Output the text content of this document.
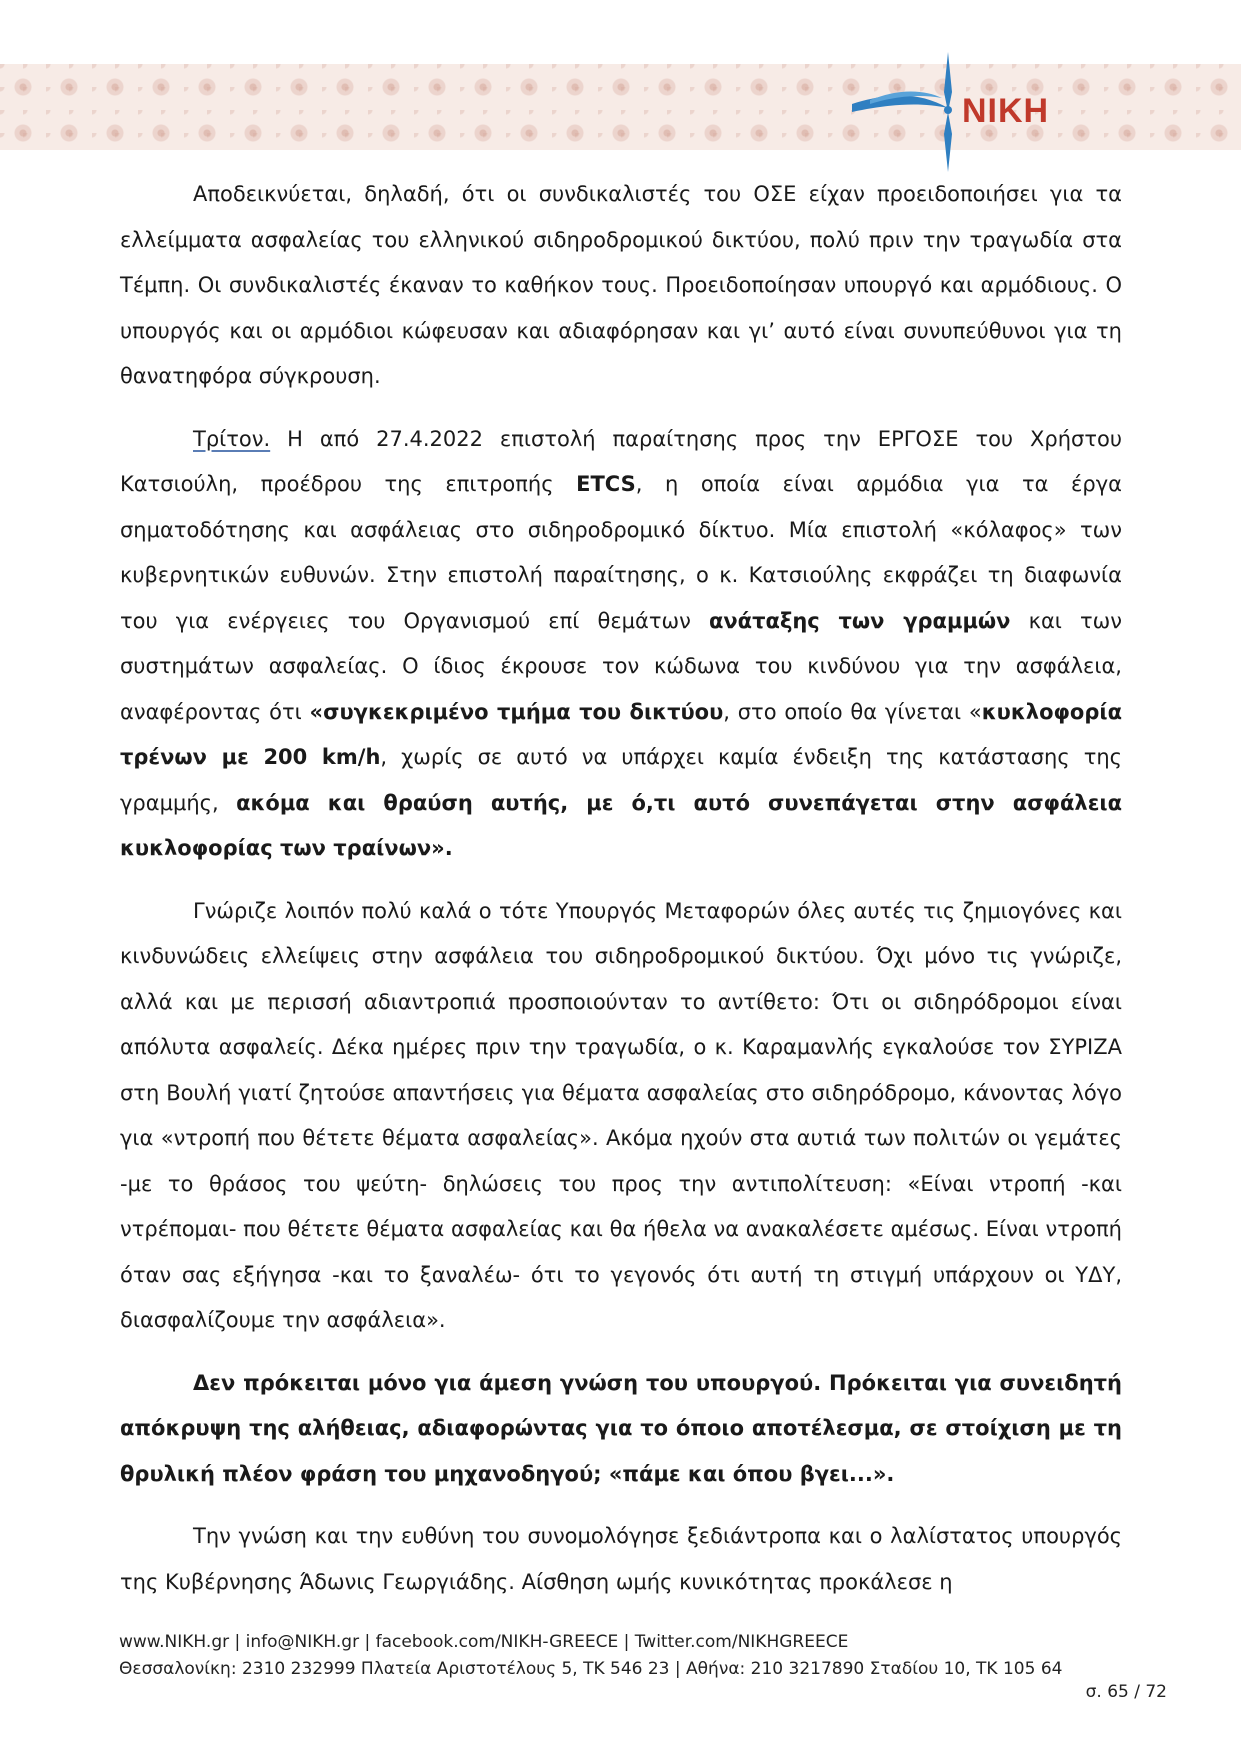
NIKH

Αποδεικνύεται, δηλαδή, ότι οι συνδικαλιστές του ΟΣΕ είχαν προειδοποιήσει για τα ελλείμματα ασφαλείας του ελληνικού σιδηροδρομικού δικτύου, πολύ πριν την τραγωδία στα Τέμπη. Οι συνδικαλιστές έκαναν το καθήκον τους. Προειδοποίησαν υπουργό και αρμόδιους. Ο υπουργός και οι αρμόδιοι κώφευσαν και αδιαφόρησαν και γι’ αυτό είναι συνυπεύθυνοι για τη θανατηφόρα σύγκρουση.

Τρίτον. Η από 27.4.2022 επιστολή παραίτησης προς την ΕΡΓΟΣΕ του Χρήστου Κατσιούλη, προέδρου της επιτροπής ETCS, η οποία είναι αρμόδια για τα έργα σηματοδότησης και ασφάλειας στο σιδηροδρομικό δίκτυο. Μία επιστολή «κόλαφος» των κυβερνητικών ευθυνών. Στην επιστολή παραίτησης, ο κ. Κατσιούλης εκφράζει τη διαφωνία του για ενέργειες του Οργανισμού επί θεμάτων ανάταξης των γραμμών και των συστημάτων ασφαλείας. Ο ίδιος έκρουσε τον κώδωνα του κινδύνου για την ασφάλεια, αναφέροντας ότι «συγκεκριμένο τμήμα του δικτύου, στο οποίο θα γίνεται «κυκλοφορία τρένων με 200 km/h, χωρίς σε αυτό να υπάρχει καμία ένδειξη της κατάστασης της γραμμής, ακόμα και θραύση αυτής, με ό,τι αυτό συνεπάγεται στην ασφάλεια κυκλοφορίας των τραίνων».

Γνώριζε λοιπόν πολύ καλά ο τότε Υπουργός Μεταφορών όλες αυτές τις ζημιογόνες και κινδυνώδεις ελλείψεις στην ασφάλεια του σιδηροδρομικού δικτύου. Όχι μόνο τις γνώριζε, αλλά και με περισσή αδιαντροπιά προσποιούνταν το αντίθετο: Ότι οι σιδηρόδρομοι είναι απόλυτα ασφαλείς. Δέκα ημέρες πριν την τραγωδία, ο κ. Καραμανλής εγκαλούσε τον ΣΥΡΙΖΑ στη Βουλή γιατί ζητούσε απαντήσεις για θέματα ασφαλείας στο σιδηρόδρομο, κάνοντας λόγο για «ντροπή που θέτετε θέματα ασφαλείας». Ακόμα ηχούν στα αυτιά των πολιτών οι γεμάτες -με το θράσος του ψεύτη- δηλώσεις του προς την αντιπολίτευση: «Είναι ντροπή -και ντρέπομαι- που θέτετε θέματα ασφαλείας και θα ήθελα να ανακαλέσετε αμέσως. Είναι ντροπή όταν σας εξήγησα -και το ξαναλέω- ότι το γεγονός ότι αυτή τη στιγμή υπάρχουν οι ΥΔΥ, διασφαλίζουμε την ασφάλεια».

Δεν πρόκειται μόνο για άμεση γνώση του υπουργού. Πρόκειται για συνειδητή απόκρυψη της αλήθειας, αδιαφορώντας για το όποιο αποτέλεσμα, σε στοίχιση με τη θρυλική πλέον φράση του μηχανοδηγού; «πάμε και όπου βγει...».

Την γνώση και την ευθύνη του συνομολόγησε ξεδιάντροπα και ο λαλίστατος υπουργός της Κυβέρνησης Άδωνις Γεωργιάδης. Αίσθηση ωμής κυνικότητας προκάλεσε η

www.NIKH.gr | info@NIKH.gr | facebook.com/NIKH-GREECE | Twitter.com/NIKHGREECE
Θεσσαλονίκη: 2310 232999 Πλατεία Αριστοτέλους 5, ΤΚ 546 23 | Αθήνα: 210 3217890 Σταδίου 10, ΤΚ 105 64
σ. 65 / 72
